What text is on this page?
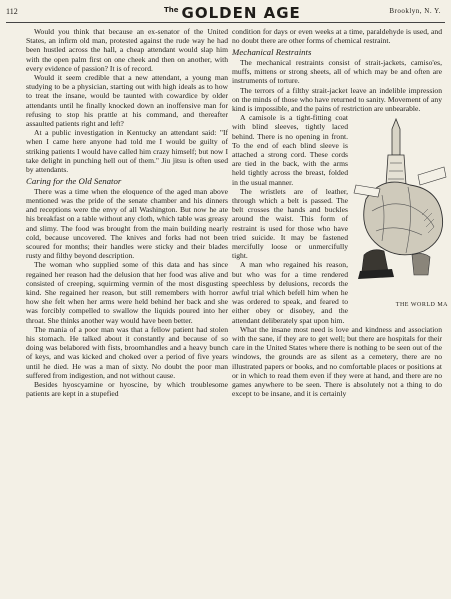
112	$^{The}$ GOLDEN AGE	Brooklyn, N. Y.

Would you think that because an ex-senator of the United States, an infirm old man, protested against the rude way he had been hustled across the hall, a cheap attendant would slap him with the open palm first on one cheek and then on another, with every evidence of passion? It is of record.

Would it seem credible that a new attendant, a young man studying to be a physician, starting out with high ideals as to how to treat the insane, would be taunted with cowardice by older attendants until he finally knocked down an inoffensive man for refusing to stop his prattle at his command, and thereafter assaulted patients right and left?

At a public investigation in Kentucky an attendant said: "If when I came here anyone had told me I would be guilty of striking patients I would have called him crazy himself; but now I take delight in punching hell out of them." Jiu jitsu is often used by attendants.

Caring for the Old Senator

There was a time when the eloquence of the aged man above mentioned was the pride of the senate chamber and his dinners and receptions were the envy of all Washington. But now he ate his breakfast on a table without any cloth, which table was greasy and slimy. The food was brought from the main building nearly cold, because uncovered. The knives and forks had not been scoured for months; their handles were sticky and their blades rusty and filthy beyond description.

The woman who supplied some of this data and has since regained her reason had the delusion that her food was alive and consisted of creeping, squirming vermin of the most disgusting kind. She regained her reason, but still remembers with horror how she felt when her arms were held behind her back and she was forcibly compelled to swallow the liquids poured into her throat. She thinks another way would have been better.

The mania of a poor man was that a fellow patient had stolen his stomach. He talked about it constantly and because of so doing was belabored with fists, broomhandles and a heavy bunch of keys, and was kicked and choked over a period of five years until he died. He was a man of sixty. No doubt the poor man suffered from indigestion, and not without cause.

Besides hyoscyamine or hyoscine, by which troublesome patients are kept in a stupefied

condition for days or even weeks at a time, paraldehyde is used, and no doubt there are other forms of chemical restraint.

Mechanical Restraints

The mechanical restraints consist of strait-jackets, camiso'es, muffs, mittens or strong sheets, all of which may be and often are instruments of torture.

The terrors of a filthy strait-jacket leave an indelible impression on the minds of those who have returned to sanity. Movement of any kind is impossible, and the pains of restriction are unbearable.

THE WORLD MA

A camisole is a tight-fitting coat with blind sleeves, tightly laced behind. There is no opening in front. To the end of each blind sleeve is attached a strong cord. These cords are tied in the back, with the arms held tightly across the breast, folded in the usual manner.

The wristlets are of leather, through which a belt is passed. The belt crosses the hands and buckles around the waist. This form of restraint is used for those who have tried suicide. It may be fastened mercifully loose or unmercifully tight.

A man who regained his reason, but who was for a time rendered speechless by delusions, records the awful trial which befell him when he was ordered to speak, and feared to either obey or disobey, and the attendant deliberately spat upon him.

What the insane most need is love and kindness and association with the sane, if they are to get well; but there are hospitals for their care in the United States where there is nothing to be seen out of the windows, the grounds are as silent as a cemetery, there are no illustrated papers or books, and no comfortable places or positions at or in which to read them even if they were at hand, and there are no games anywhere to be seen. There is absolutely not a thing to do except to be insane, and it is certainly
